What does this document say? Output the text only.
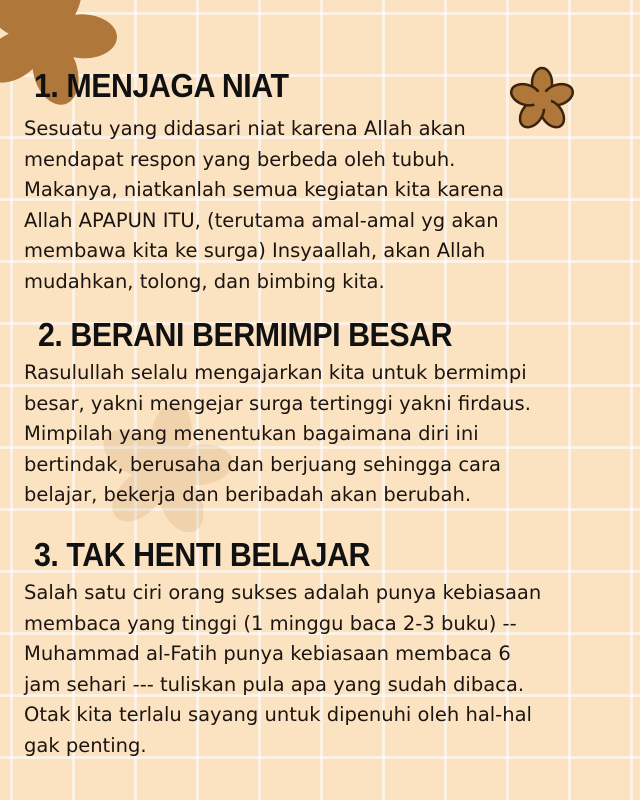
1. MENJAGA NIAT
Sesuatu yang didasari niat karena Allah akan
mendapat respon yang berbeda oleh tubuh.
Makanya, niatkanlah semua kegiatan kita karena
Allah APAPUN ITU, (terutama amal-amal yg akan
membawa kita ke surga) Insyaallah, akan Allah
mudahkan, tolong, dan bimbing kita.
2. BERANI BERMIMPI BESAR
Rasulullah selalu mengajarkan kita untuk bermimpi
besar, yakni mengejar surga tertinggi yakni firdaus.
Mimpilah yang menentukan bagaimana diri ini
bertindak, berusaha dan berjuang sehingga cara
belajar, bekerja dan beribadah akan berubah.
3. TAK HENTI BELAJAR
Salah satu ciri orang sukses adalah punya kebiasaan
membaca yang tinggi (1 minggu baca 2-3 buku) --
Muhammad al-Fatih punya kebiasaan membaca 6
jam sehari --- tuliskan pula apa yang sudah dibaca.
Otak kita terlalu sayang untuk dipenuhi oleh hal-hal
gak penting.
